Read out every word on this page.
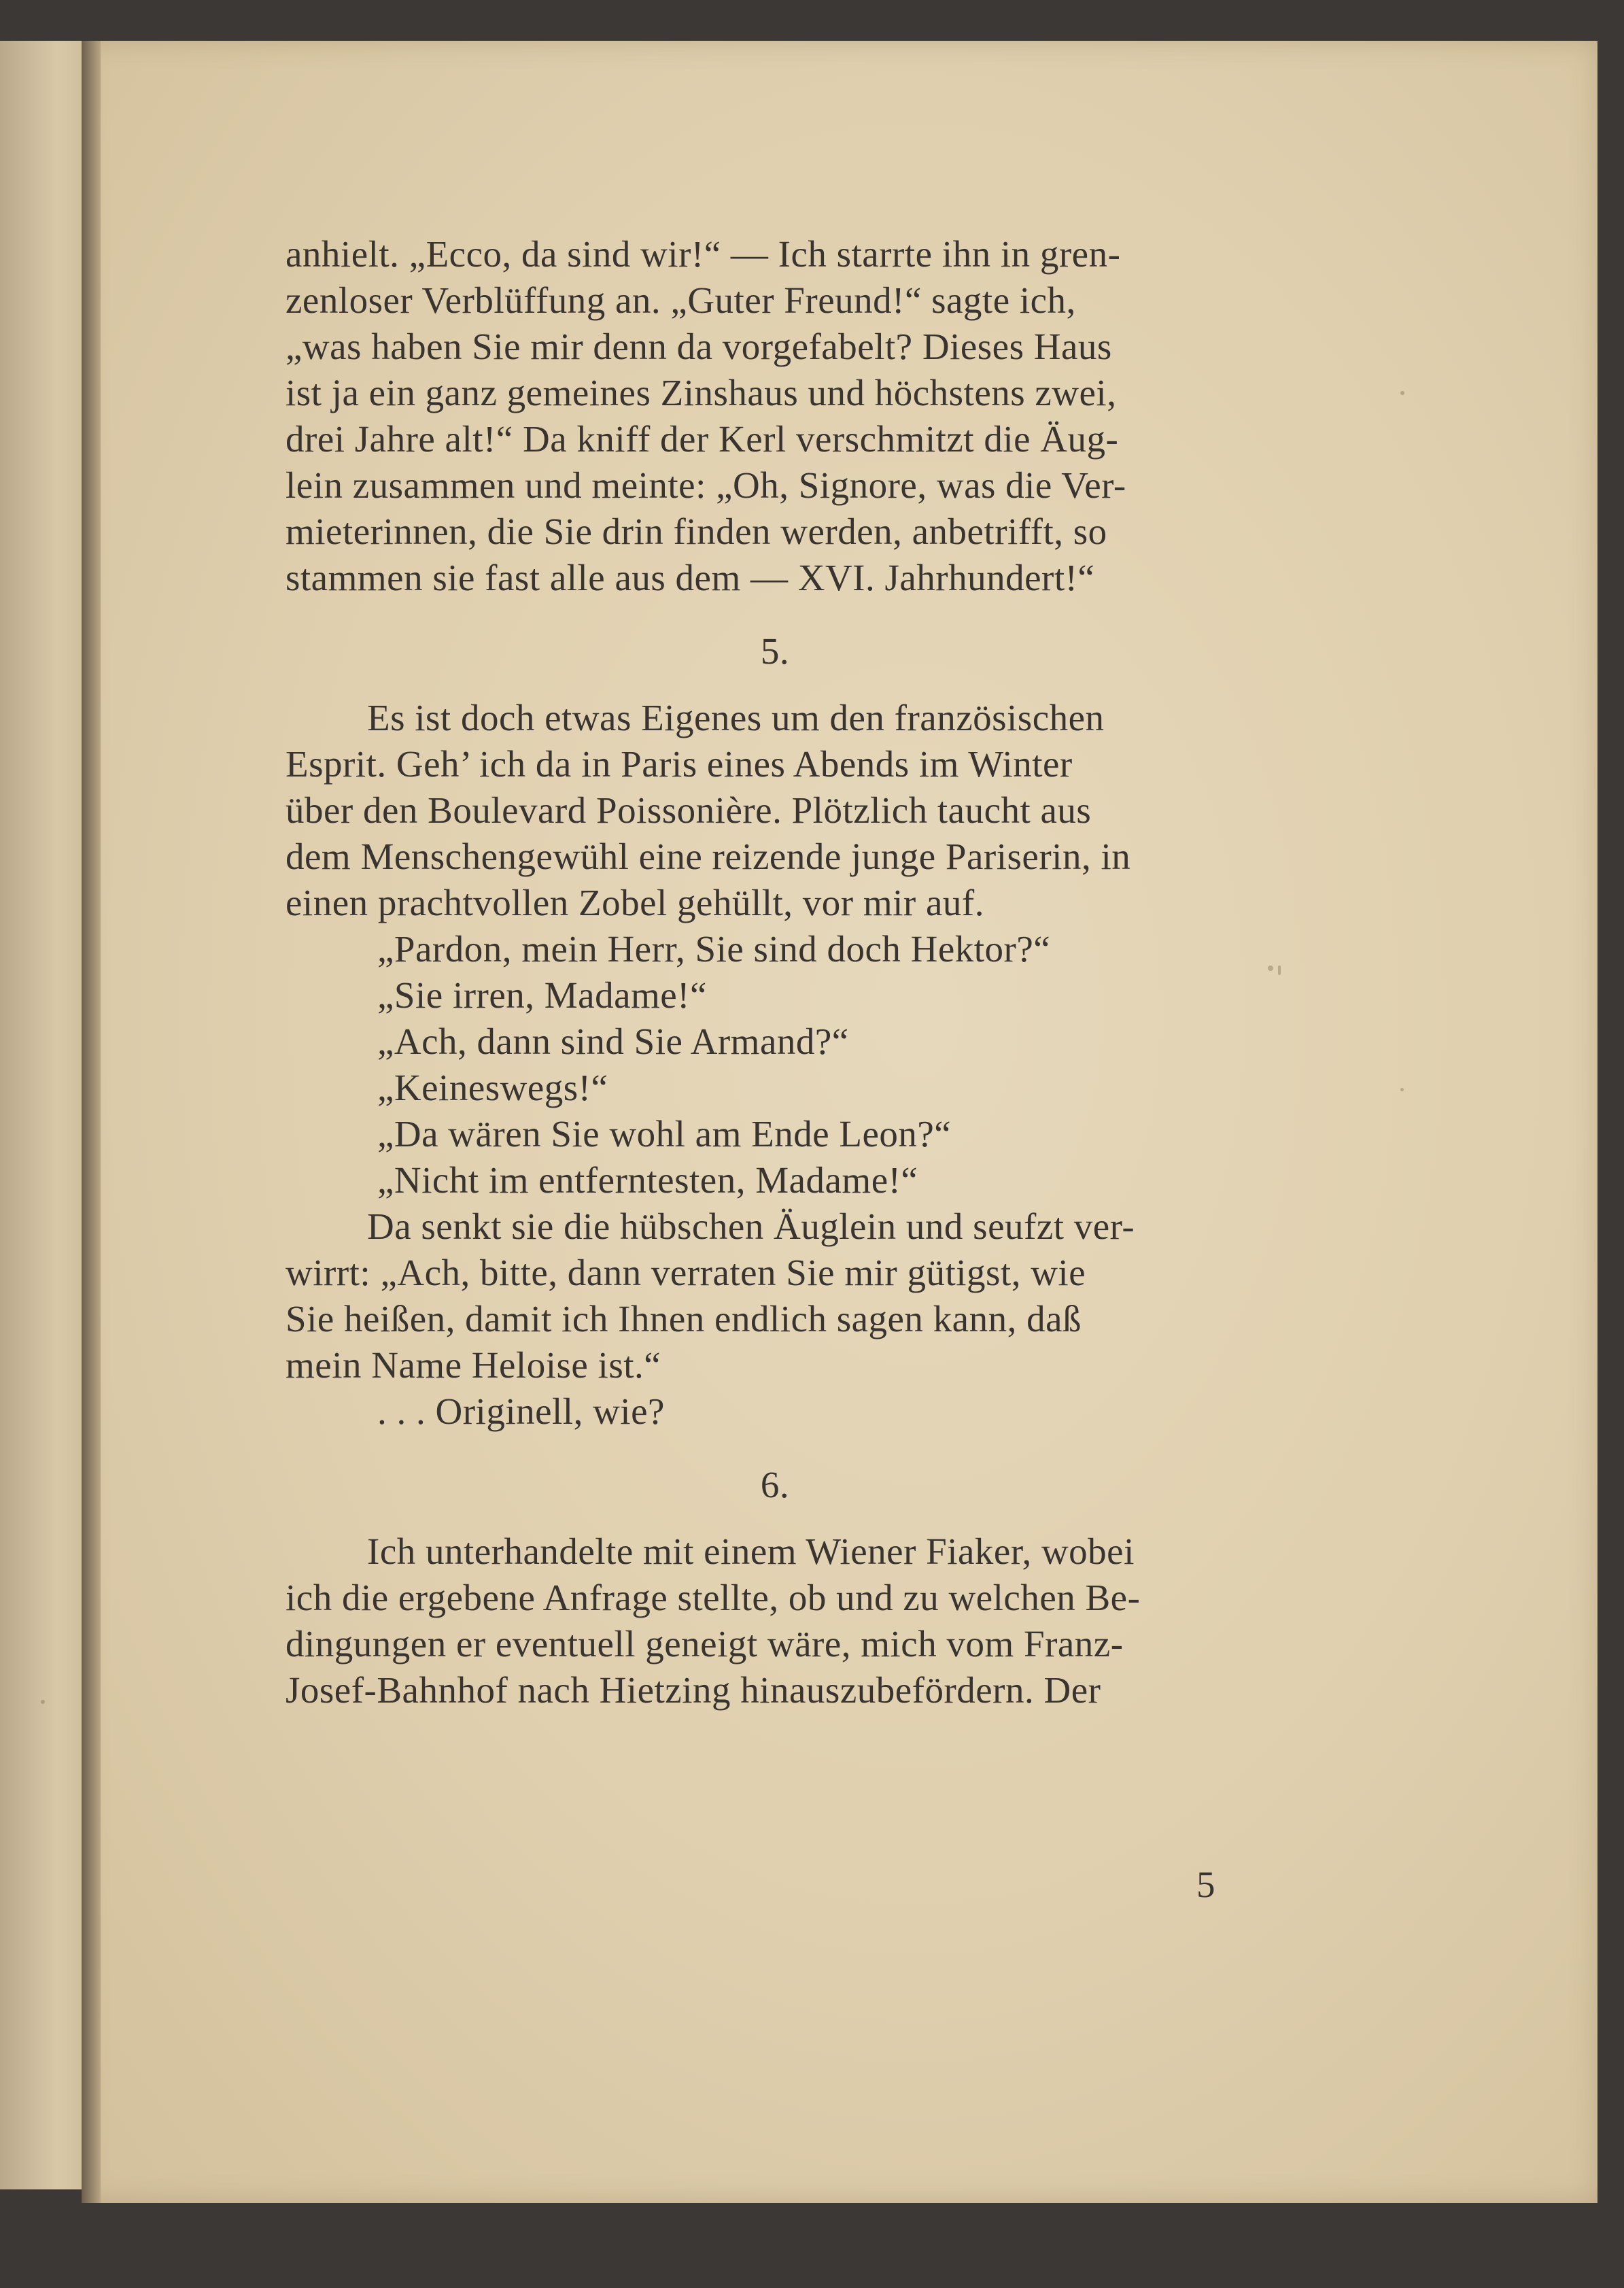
anhielt. „Ecco, da sind wir!“ — Ich starrte ihn in gren-
zenloser Verblüffung an. „Guter Freund!“ sagte ich,
„was haben Sie mir denn da vorgefabelt? Dieses Haus
ist ja ein ganz gemeines Zinshaus und höchstens zwei,
drei Jahre alt!“ Da kniff der Kerl verschmitzt die Äug-
lein zusammen und meinte: „Oh, Signore, was die Ver-
mieterinnen, die Sie drin finden werden, anbetrifft, so
stammen sie fast alle aus dem — XVI. Jahrhundert!“
5.
Es ist doch etwas Eigenes um den französischen
Esprit. Geh’ ich da in Paris eines Abends im Winter
über den Boulevard Poissonière. Plötzlich taucht aus
dem Menschengewühl eine reizende junge Pariserin, in
einen prachtvollen Zobel gehüllt, vor mir auf.
„Pardon, mein Herr, Sie sind doch Hektor?“
„Sie irren, Madame!“
„Ach, dann sind Sie Armand?“
„Keineswegs!“
„Da wären Sie wohl am Ende Leon?“
„Nicht im entferntesten, Madame!“
Da senkt sie die hübschen Äuglein und seufzt ver-
wirrt: „Ach, bitte, dann verraten Sie mir gütigst, wie
Sie heißen, damit ich Ihnen endlich sagen kann, daß
mein Name Heloise ist.“
. . . Originell, wie?
6.
Ich unterhandelte mit einem Wiener Fiaker, wobei
ich die ergebene Anfrage stellte, ob und zu welchen Be-
dingungen er eventuell geneigt wäre, mich vom Franz-
Josef-Bahnhof nach Hietzing hinauszubefördern. Der
5
